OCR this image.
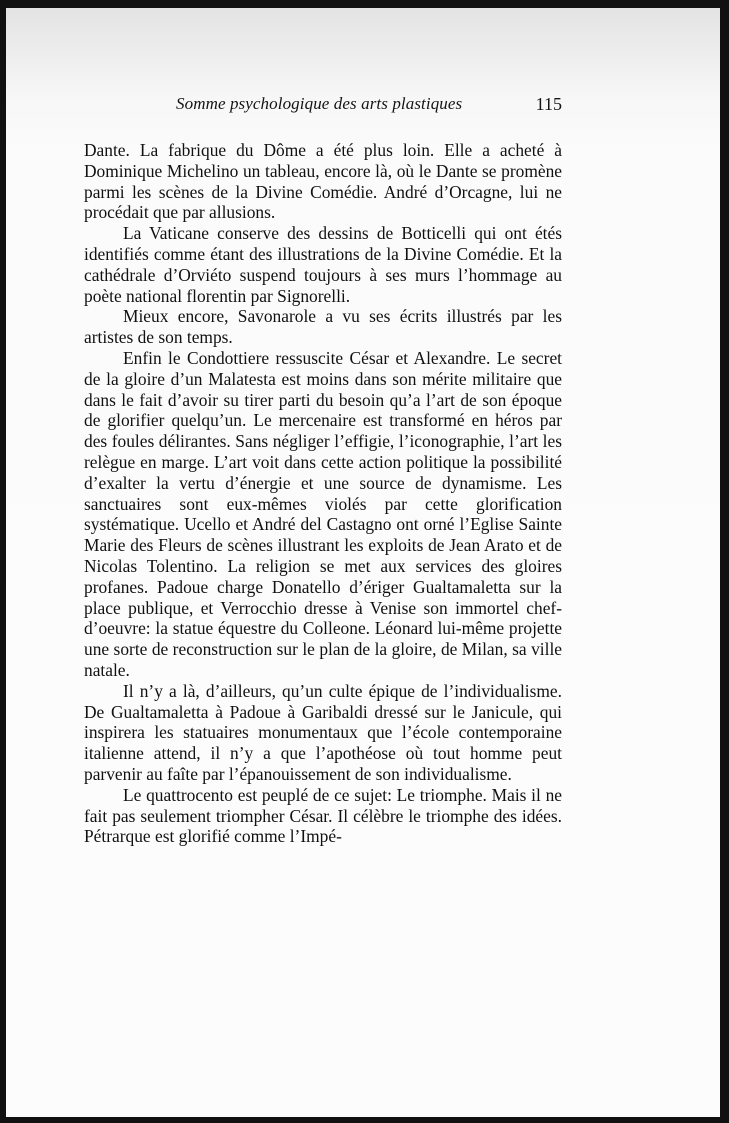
Somme psychologique des arts plastiques	115

Dante. La fabrique du Dôme a été plus loin. Elle a acheté à Dominique Michelino un tableau, encore là, où le Dante se promène parmi les scènes de la Divine Comédie. André d’Orcagne, lui ne procédait que par allusions.

La Vaticane conserve des dessins de Botticelli qui ont étés identifiés comme étant des illustrations de la Divine Comédie. Et la cathédrale d’Orviéto suspend toujours à ses murs l’hommage au poète national florentin par Signorelli.

Mieux encore, Savonarole a vu ses écrits illustrés par les artistes de son temps.

Enfin le Condottiere ressuscite César et Alexandre. Le secret de la gloire d’un Malatesta est moins dans son mérite militaire que dans le fait d’avoir su tirer parti du besoin qu’a l’art de son époque de glorifier quelqu’un. Le mercenaire est transformé en héros par des foules délirantes. Sans négliger l’effigie, l’iconographie, l’art les relègue en marge. L’art voit dans cette action politique la possibilité d’exalter la vertu d’énergie et une source de dynamisme. Les sanctuaires sont eux-mêmes violés par cette glorification systématique. Ucello et André del Castagno ont orné l’Eglise Sainte Marie des Fleurs de scènes illustrant les exploits de Jean Arato et de Nicolas Tolentino. La religion se met aux services des gloires profanes. Padoue charge Donatello d’ériger Gualtamaletta sur la place publique, et Verrocchio dresse à Venise son immortel chef-d’oeuvre: la statue équestre du Colleone. Léonard lui-même projette une sorte de reconstruction sur le plan de la gloire, de Milan, sa ville natale.

Il n’y a là, d’ailleurs, qu’un culte épique de l’individualisme. De Gualtamaletta à Padoue à Garibaldi dressé sur le Janicule, qui inspirera les statuaires monumentaux que l’école contemporaine italienne attend, il n’y a que l’apothéose où tout homme peut parvenir au faîte par l’épanouissement de son individualisme.

Le quattrocento est peuplé de ce sujet: Le triomphe. Mais il ne fait pas seulement triompher César. Il célèbre le triomphe des idées. Pétrarque est glorifié comme l’Impé-
